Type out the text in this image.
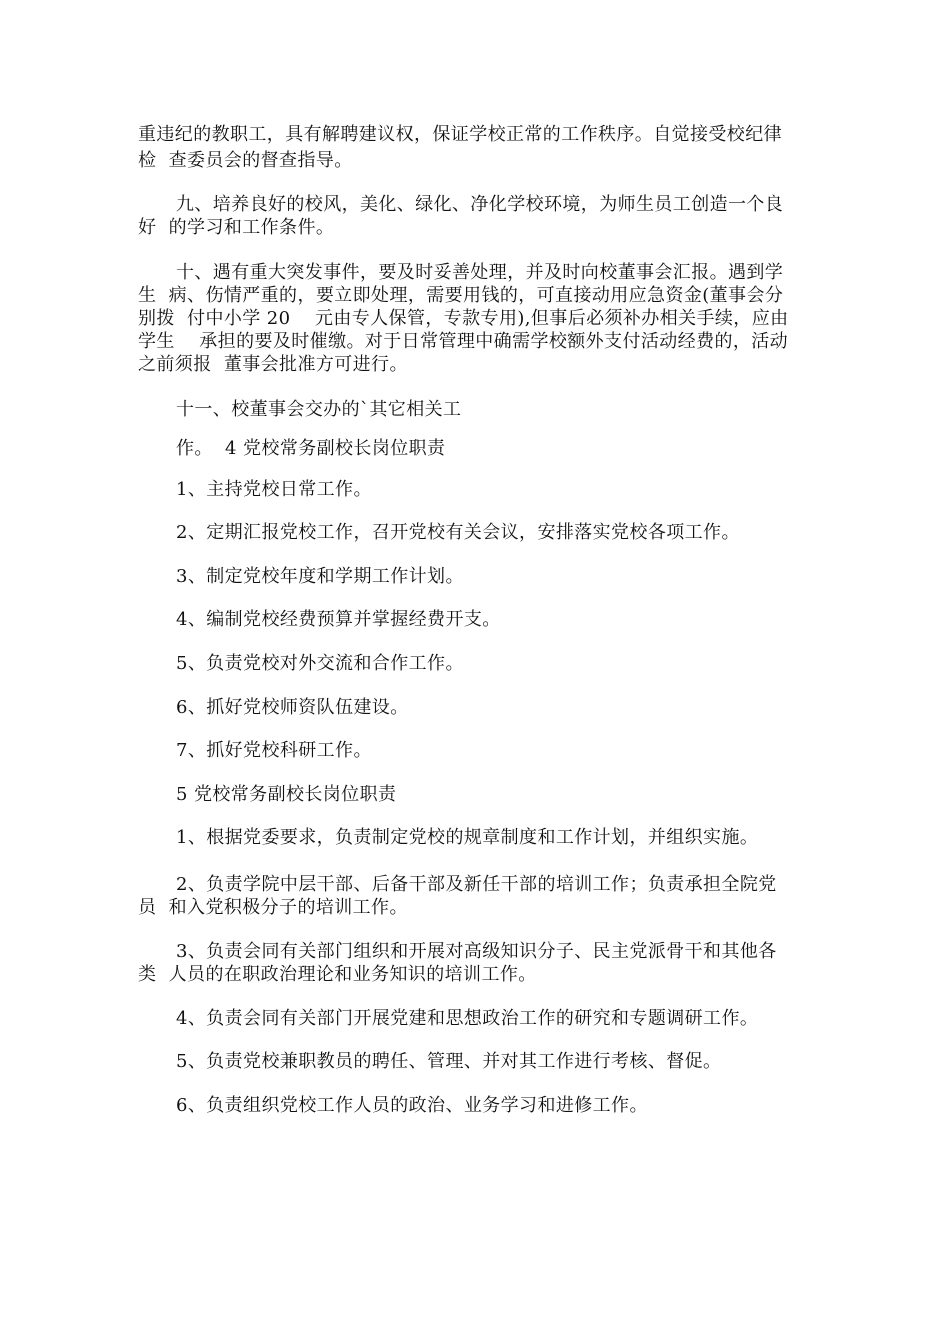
重违纪的教职工，具有解聘建议权，保证学校正常的工作秩序。自觉接受校纪律
检  查委员会的督查指导。
九、培养良好的校风，美化、绿化、净化学校环境，为师生员工创造一个良
好  的学习和工作条件。
十、遇有重大突发事件，要及时妥善处理，并及时向校董事会汇报。遇到学
生  病、伤情严重的，要立即处理，需要用钱的，可直接动用应急资金(董事会分
别拨  付中小学 20    元由专人保管，专款专用),但事后必须补办相关手续，应由
学生    承担的要及时催缴。对于日常管理中确需学校额外支付活动经费的，活动
之前须报  董事会批准方可进行。
十一、校董事会交办的`其它相关工
作。  4 党校常务副校长岗位职责
1、主持党校日常工作。
2、定期汇报党校工作，召开党校有关会议，安排落实党校各项工作。
3、制定党校年度和学期工作计划。
4、编制党校经费预算并掌握经费开支。
5、负责党校对外交流和合作工作。
6、抓好党校师资队伍建设。
7、抓好党校科研工作。
5 党校常务副校长岗位职责
1、根据党委要求，负责制定党校的规章制度和工作计划，并组织实施。
2、负责学院中层干部、后备干部及新任干部的培训工作；负责承担全院党
员  和入党积极分子的培训工作。
3、负责会同有关部门组织和开展对高级知识分子、民主党派骨干和其他各
类  人员的在职政治理论和业务知识的培训工作。
4、负责会同有关部门开展党建和思想政治工作的研究和专题调研工作。
5、负责党校兼职教员的聘任、管理、并对其工作进行考核、督促。
6、负责组织党校工作人员的政治、业务学习和进修工作。
